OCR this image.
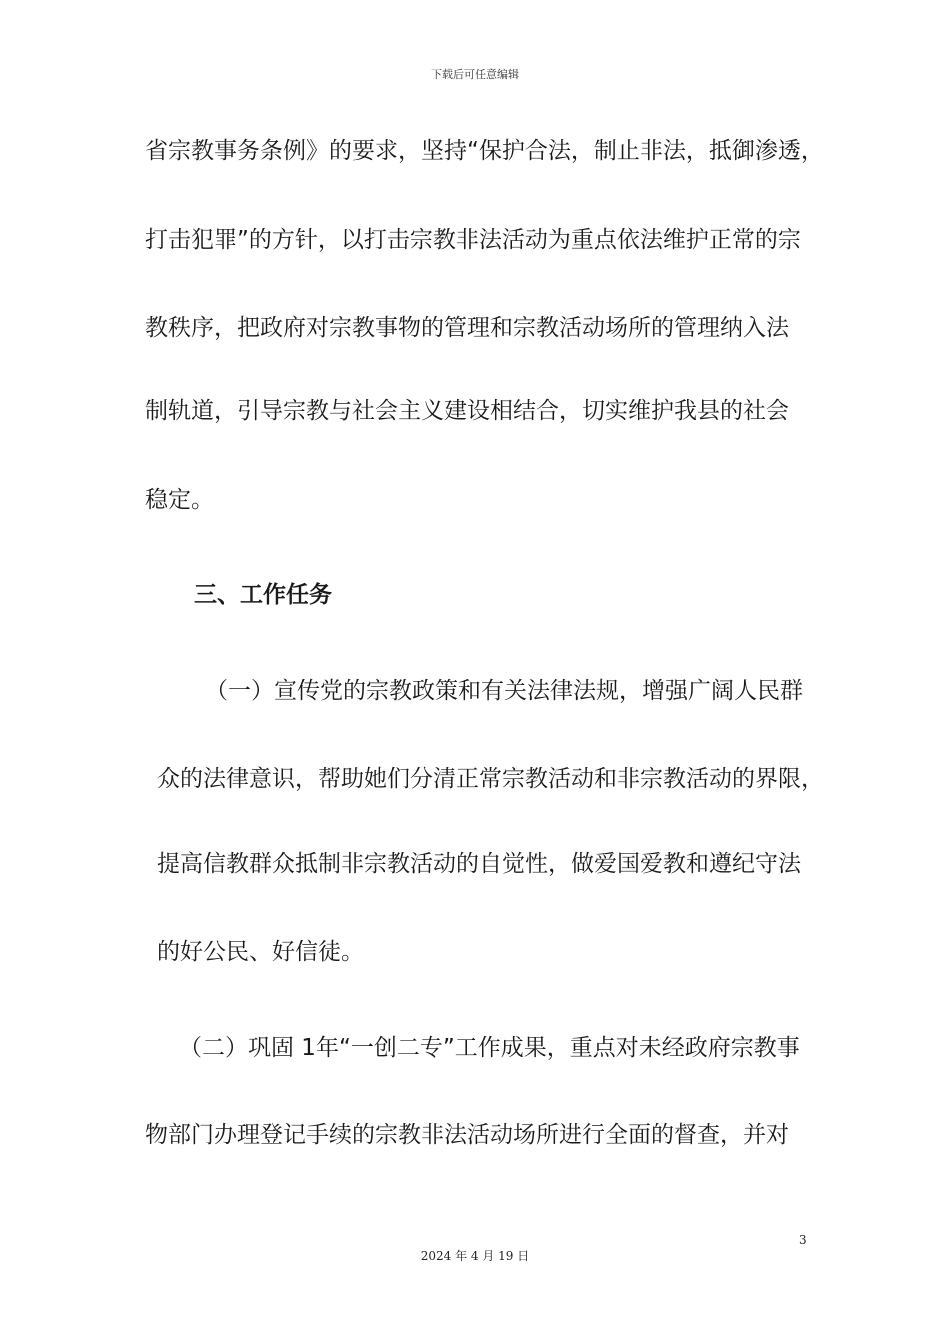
下载后可任意编辑
省宗教事务条例》的要求，坚持“保护合法，制止非法，抵御渗透，
打击犯罪”的方针，以打击宗教非法活动为重点依法维护正常的宗
教秩序，把政府对宗教事物的管理和宗教活动场所的管理纳入法
制轨道，引导宗教与社会主义建设相结合，切实维护我县的社会
稳定。
三、工作任务
（一）宣传党的宗教政策和有关法律法规，增强广阔人民群
众的法律意识，帮助她们分清正常宗教活动和非宗教活动的界限，
提高信教群众抵制非宗教活动的自觉性，做爱国爱教和遵纪守法
的好公民、好信徒。
（二）巩固 1年“一创二专”工作成果，重点对未经政府宗教事
物部门办理登记手续的宗教非法活动场所进行全面的督查，并对
3
2024 年 4 月 19 日
